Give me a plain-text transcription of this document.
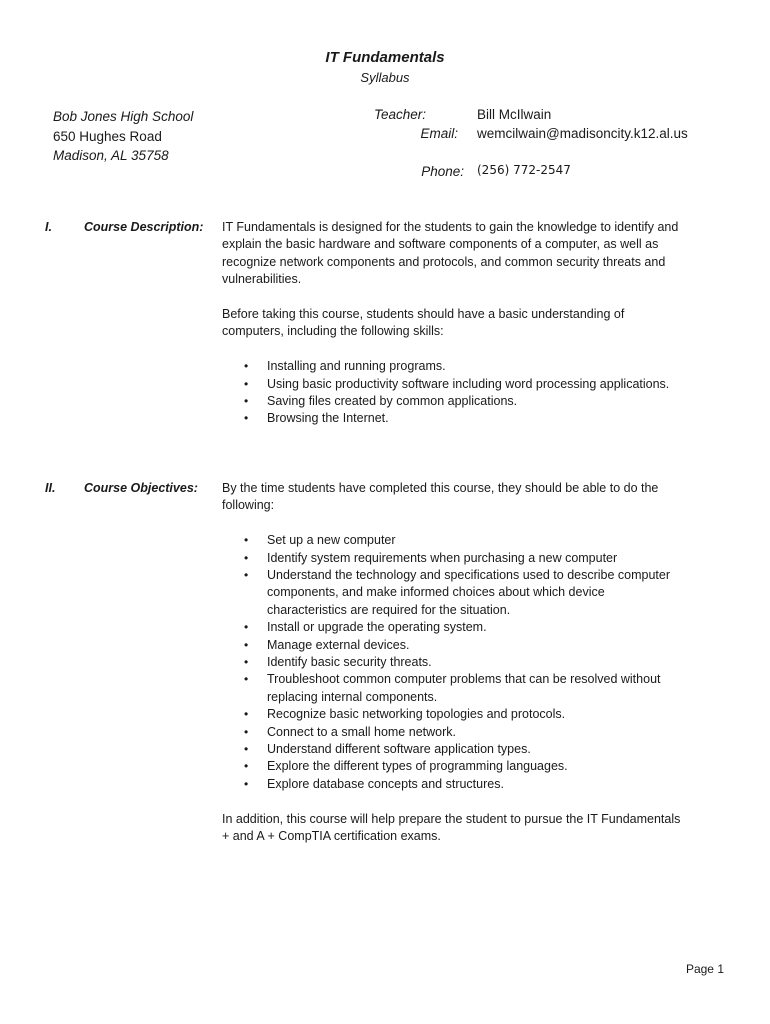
IT Fundamentals
Syllabus
Bob Jones High School
650 Hughes Road
Madison, AL 35758
Teacher:	Bill McIlwain
Email: wemcilwain@madisoncity.k12.al.us
Phone: (256) 772-2547
I.	Course Description: IT Fundamentals is designed for the students to gain the knowledge to identify and explain the basic hardware and software components of a computer, as well as recognize network components and protocols, and common security threats and vulnerabilities.

Before taking this course, students should have a basic understanding of computers, including the following skills:

• Installing and running programs.
• Using basic productivity software including word processing applications.
• Saving files created by common applications.
• Browsing the Internet.
II. Course Objectives: By the time students have completed this course, they should be able to do the following:

• Set up a new computer
• Identify system requirements when purchasing a new computer
• Understand the technology and specifications used to describe computer components, and make informed choices about which device characteristics are required for the situation.
• Install or upgrade the operating system.
• Manage external devices.
• Identify basic security threats.
• Troubleshoot common computer problems that can be resolved without replacing internal components.
• Recognize basic networking topologies and protocols.
• Connect to a small home network.
• Understand different software application types.
• Explore the different types of programming languages.
• Explore database concepts and structures.

In addition, this course will help prepare the student to pursue the IT Fundamentals + and A + CompTIA certification exams.

Page 1
